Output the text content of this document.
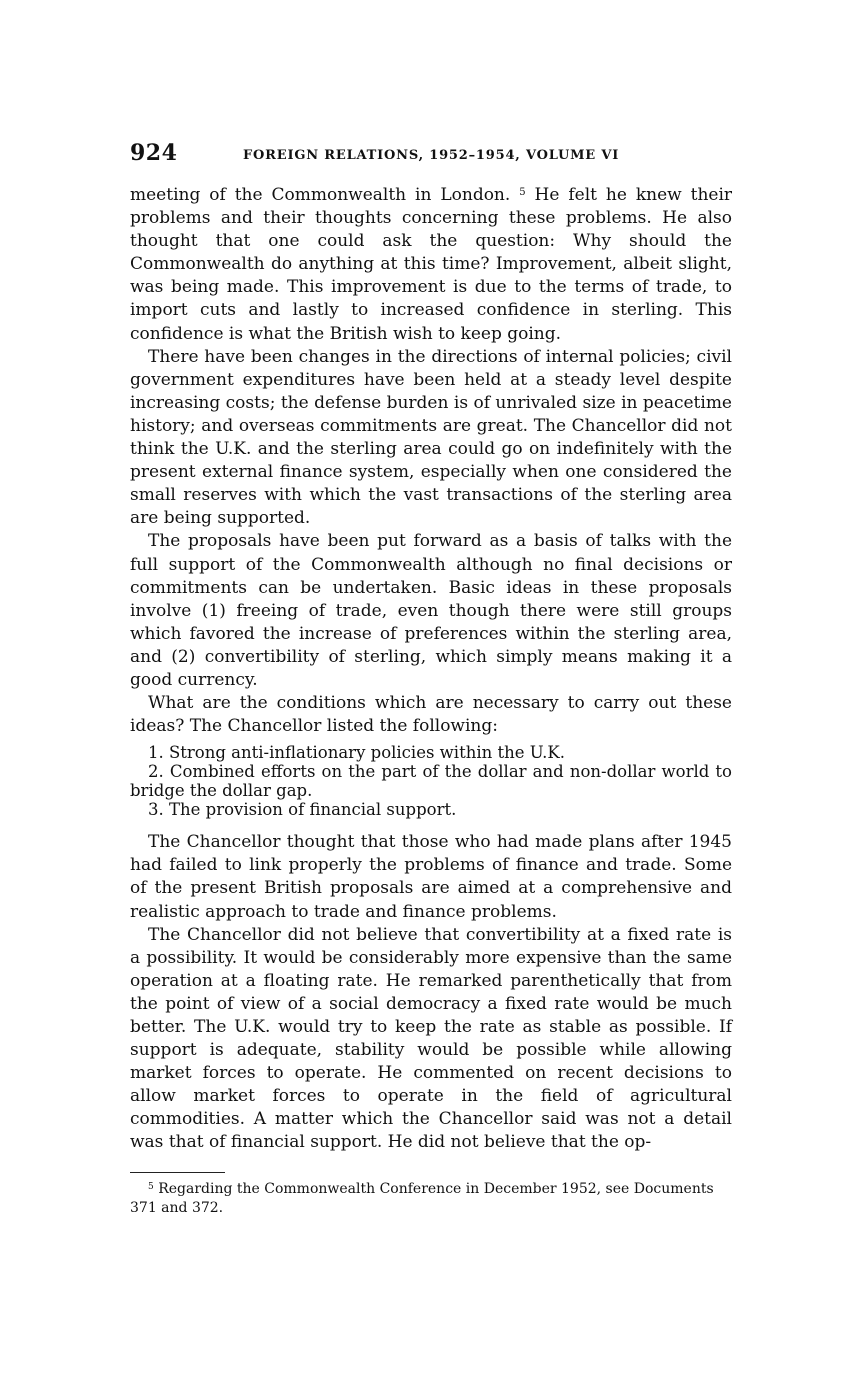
924	FOREIGN RELATIONS, 1952–1954, VOLUME VI

meeting of the Commonwealth in London. $^5$ He felt he knew their problems and their thoughts concerning these problems. He also thought that one could ask the question: Why should the Commonwealth do anything at this time? Improvement, albeit slight, was being made. This improvement is due to the terms of trade, to import cuts and lastly to increased confidence in sterling. This confidence is what the British wish to keep going.

There have been changes in the directions of internal policies; civil government expenditures have been held at a steady level despite increasing costs; the defense burden is of unrivaled size in peacetime history; and overseas commitments are great. The Chancellor did not think the U.K. and the sterling area could go on indefinitely with the present external finance system, especially when one considered the small reserves with which the vast transactions of the sterling area are being supported.

The proposals have been put forward as a basis of talks with the full support of the Commonwealth although no final decisions or commitments can be undertaken. Basic ideas in these proposals involve (1) freeing of trade, even though there were still groups which favored the increase of preferences within the sterling area, and (2) convertibility of sterling, which simply means making it a good currency.

What are the conditions which are necessary to carry out these ideas? The Chancellor listed the following:

1. Strong anti-inflationary policies within the U.K.
2. Combined efforts on the part of the dollar and non-dollar world to bridge the dollar gap.
3. The provision of financial support.

The Chancellor thought that those who had made plans after 1945 had failed to link properly the problems of finance and trade. Some of the present British proposals are aimed at a comprehensive and realistic approach to trade and finance problems.

The Chancellor did not believe that convertibility at a fixed rate is a possibility. It would be considerably more expensive than the same operation at a floating rate. He remarked parenthetically that from the point of view of a social democracy a fixed rate would be much better. The U.K. would try to keep the rate as stable as possible. If support is adequate, stability would be possible while allowing market forces to operate. He commented on recent decisions to allow market forces to operate in the field of agricultural commodities. A matter which the Chancellor said was not a detail was that of financial support. He did not believe that the op-

$^5$ Regarding the Commonwealth Conference in December 1952, see Documents 371 and 372.
